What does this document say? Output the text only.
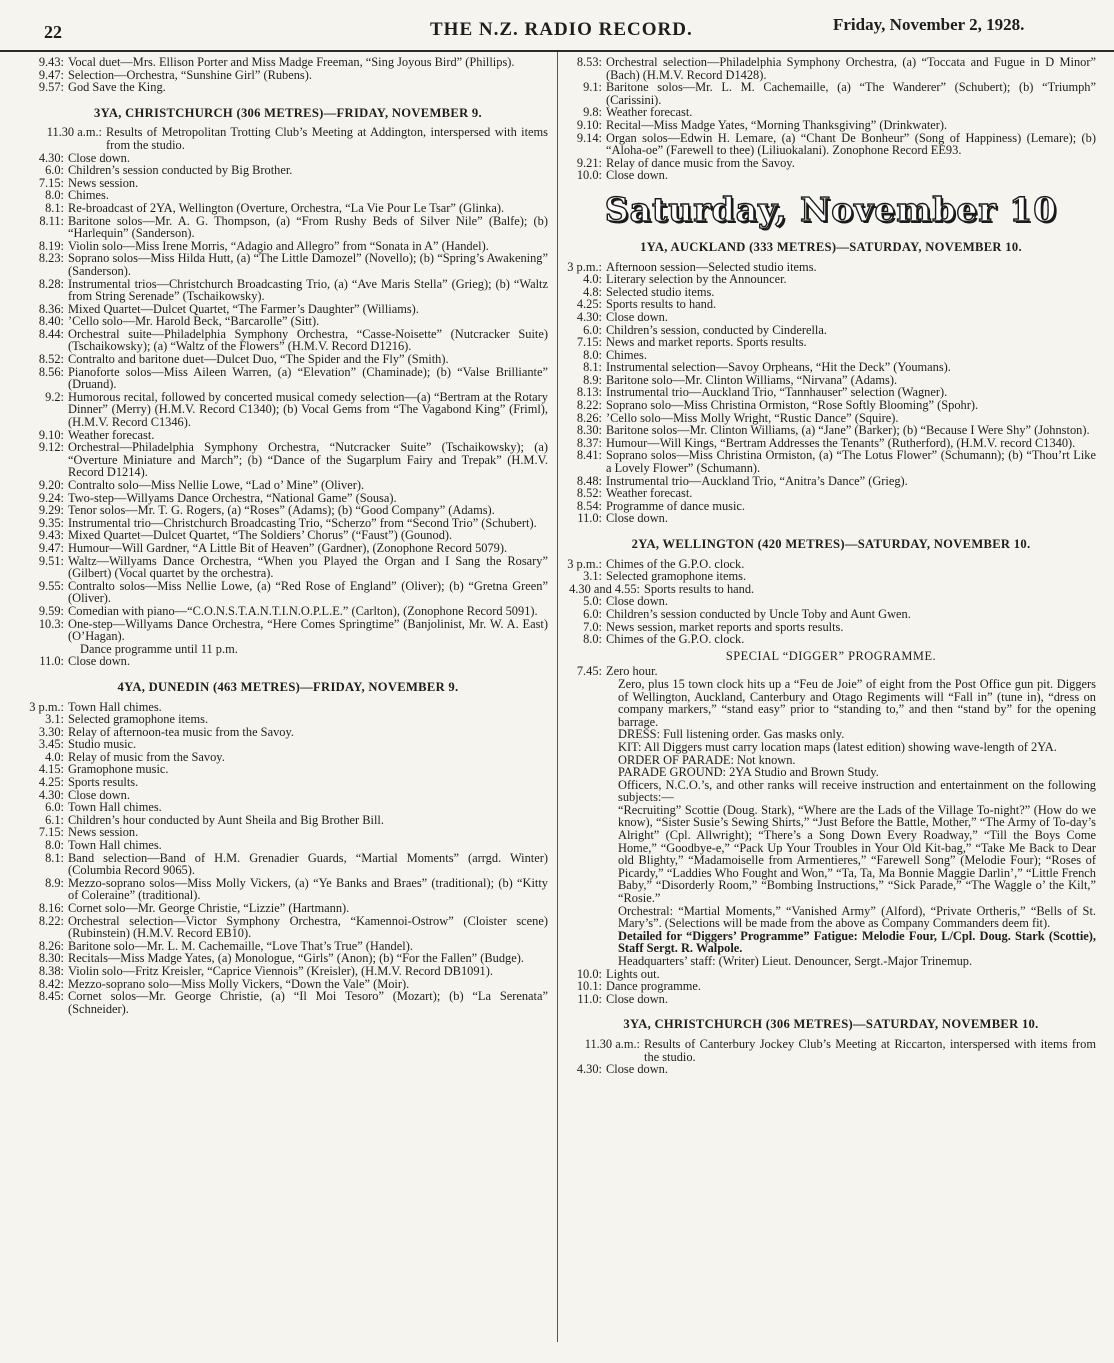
22	THE N.Z. RADIO RECORD.	Friday, November 2, 1928.
9.43: Vocal duet—Mrs. Ellison Porter and Miss Madge Freeman, “Sing Joyous Bird” (Phillips).
9.47: Selection—Orchestra, “Sunshine Girl” (Rubens).
9.57: God Save the King.
3YA, CHRISTCHURCH (306 METRES)—FRIDAY, NOVEMBER 9.
11.30 a.m.: Results of Metropolitan Trotting Club’s Meeting at Addington, interspersed with items from the studio.
4.30: Close down.
6.0: Children’s session conducted by Big Brother.
7.15: News session.
8.0: Chimes.
8.1: Re-broadcast of 2YA, Wellington (Overture, Orchestra, “La Vie Pour Le Tsar” (Glinka).
8.11: Baritone solos—Mr. A. G. Thompson, (a) “From Rushy Beds of Silver Nile” (Balfe); (b) “Harlequin” (Sanderson).
8.19: Violin solo—Miss Irene Morris, “Adagio and Allegro” from “Sonata in A” (Handel).
8.23: Soprano solos—Miss Hilda Hutt, (a) “The Little Damozel” (Novello); (b) “Spring’s Awakening” (Sanderson).
8.28: Instrumental trios—Christchurch Broadcasting Trio, (a) “Ave Maris Stella” (Grieg); (b) “Waltz from String Serenade” (Tschaikowsky).
8.36: Mixed Quartet—Dulcet Quartet, “The Farmer’s Daughter” (Williams).
8.40: ’Cello solo—Mr. Harold Beck, “Barcarolle” (Sitt).
8.44: Orchestral suite—Philadelphia Symphony Orchestra, “Casse-Noisette” (Nutcracker Suite) (Tschaikowsky); (a) “Waltz of the Flowers” (H.M.V. Record D1216).
8.52: Contralto and baritone duet—Dulcet Duo, “The Spider and the Fly” (Smith).
8.56: Pianoforte solos—Miss Aileen Warren, (a) “Elevation” (Chaminade); (b) “Valse Brilliante” (Druand).
9.2: Humorous recital, followed by concerted musical comedy selection—(a) “Bertram at the Rotary Dinner” (Merry) (H.M.V. Record C1340); (b) Vocal Gems from “The Vagabond King” (Friml), (H.M.V. Record C1346).
9.10: Weather forecast.
9.12: Orchestral—Philadelphia Symphony Orchestra, “Nutcracker Suite” (Tschaikowsky); (a) “Overture Miniature and March”; (b) “Dance of the Sugarplum Fairy and Trepak” (H.M.V. Record D1214).
9.20: Contralto solo—Miss Nellie Lowe, “Lad o’ Mine” (Oliver).
9.24: Two-step—Willyams Dance Orchestra, “National Game” (Sousa).
9.29: Tenor solos—Mr. T. G. Rogers, (a) “Roses” (Adams); (b) “Good Company” (Adams).
9.35: Instrumental trio—Christchurch Broadcasting Trio, “Scherzo” from “Second Trio” (Schubert).
9.43: Mixed Quartet—Dulcet Quartet, “The Soldiers’ Chorus” (“Faust”) (Gounod).
9.47: Humour—Will Gardner, “A Little Bit of Heaven” (Gardner), (Zonophone Record 5079).
9.51: Waltz—Willyams Dance Orchestra, “When you Played the Organ and I Sang the Rosary” (Gilbert) (Vocal quartet by the orchestra).
9.55: Contralto solos—Miss Nellie Lowe, (a) “Red Rose of England” (Oliver); (b) “Gretna Green” (Oliver).
9.59: Comedian with piano—“C.O.N.S.T.A.N.T.I.N.O.P.L.E.” (Carlton), (Zonophone Record 5091).
10.3: One-step—Willyams Dance Orchestra, “Here Comes Springtime” (Banjolinist, Mr. W. A. East) (O’Hagan).
Dance programme until 11 p.m.
11.0: Close down.
4YA, DUNEDIN (463 METRES)—FRIDAY, NOVEMBER 9.
3 p.m.: Town Hall chimes.
3.1: Selected gramophone items.
3.30: Relay of afternoon-tea music from the Savoy.
3.45: Studio music.
4.0: Relay of music from the Savoy.
4.15: Gramophone music.
4.25: Sports results.
4.30: Close down.
6.0: Town Hall chimes.
6.1: Children’s hour conducted by Aunt Sheila and Big Brother Bill.
7.15: News session.
8.0: Town Hall chimes.
8.1: Band selection—Band of H.M. Grenadier Guards, “Martial Moments” (arrgd. Winter) (Columbia Record 9065).
8.9: Mezzo-soprano solos—Miss Molly Vickers, (a) “Ye Banks and Braes” (traditional); (b) “Kitty of Coleraine” (traditional).
8.16: Cornet solo—Mr. George Christie, “Lizzie” (Hartmann).
8.22: Orchestral selection—Victor Symphony Orchestra, “Kamennoi-Ostrow” (Cloister scene) (Rubinstein) (H.M.V. Record EB10).
8.26: Baritone solo—Mr. L. M. Cachemaille, “Love That’s True” (Handel).
8.30: Recitals—Miss Madge Yates, (a) Monologue, “Girls” (Anon); (b) “For the Fallen” (Budge).
8.38: Violin solo—Fritz Kreisler, “Caprice Viennois” (Kreisler), (H.M.V. Record DB1091).
8.42: Mezzo-soprano solo—Miss Molly Vickers, “Down the Vale” (Moir).
8.45: Cornet solos—Mr. George Christie, (a) “Il Moi Tesoro” (Mozart); (b) “La Serenata” (Schneider).
8.53: Orchestral selection—Philadelphia Symphony Orchestra, (a) “Toccata and Fugue in D Minor” (Bach) (H.M.V. Record D1428).
9.1: Baritone solos—Mr. L. M. Cachemaille, (a) “The Wanderer” (Schubert); (b) “Triumph” (Carissini).
9.8: Weather forecast.
9.10: Recital—Miss Madge Yates, “Morning Thanksgiving” (Drinkwater).
9.14: Organ solos—Edwin H. Lemare, (a) “Chant De Bonheur” (Song of Happiness) (Lemare); (b) “Aloha-oe” (Farewell to thee) (Liliuokalani). Zonophone Record EE93.
9.21: Relay of dance music from the Savoy.
10.0: Close down.
Saturday, November 10
1YA, AUCKLAND (333 METRES)—SATURDAY, NOVEMBER 10.
3 p.m.: Afternoon session—Selected studio items.
4.0: Literary selection by the Announcer.
4.8: Selected studio items.
4.25: Sports results to hand.
4.30: Close down.
6.0: Children’s session, conducted by Cinderella.
7.15: News and market reports. Sports results.
8.0: Chimes.
8.1: Instrumental selection—Savoy Orpheans, “Hit the Deck” (Youmans).
8.9: Baritone solo—Mr. Clinton Williams, “Nirvana” (Adams).
8.13: Instrumental trio—Auckland Trio, “Tannhauser” selection (Wagner).
8.22: Soprano solo—Miss Christina Ormiston, “Rose Softly Blooming” (Spohr).
8.26: ’Cello solo—Miss Molly Wright, “Rustic Dance” (Squire).
8.30: Baritone solos—Mr. Clinton Williams, (a) “Jane” (Barker); (b) “Because I Were Shy” (Johnston).
8.37: Humour—Will Kings, “Bertram Addresses the Tenants” (Rutherford), (H.M.V. record C1340).
8.41: Soprano solos—Miss Christina Ormiston, (a) “The Lotus Flower” (Schumann); (b) “Thou’rt Like a Lovely Flower” (Schumann).
8.48: Instrumental trio—Auckland Trio, “Anitra’s Dance” (Grieg).
8.52: Weather forecast.
8.54: Programme of dance music.
11.0: Close down.
2YA, WELLINGTON (420 METRES)—SATURDAY, NOVEMBER 10.
3 p.m.: Chimes of the G.P.O. clock.
3.1: Selected gramophone items.
4.30 and 4.55: Sports results to hand.
5.0: Close down.
6.0: Children’s session conducted by Uncle Toby and Aunt Gwen.
7.0: News session, market reports and sports results.
8.0: Chimes of the G.P.O. clock.
SPECIAL “DIGGER” PROGRAMME.
7.45: Zero hour.
Zero, plus 15 town clock hits up a “Feu de Joie” of eight from the Post Office gun pit. Diggers of Wellington, Auckland, Canterbury and Otago Regiments will “Fall in” (tune in), “dress on company markers,” “stand easy” prior to “standing to,” and then “stand by” for the opening barrage.
DRESS: Full listening order. Gas masks only.
KIT: All Diggers must carry location maps (latest edition) showing wave-length of 2YA.
ORDER OF PARADE: Not known.
PARADE GROUND: 2YA Studio and Brown Study.
Officers, N.C.O.’s, and other ranks will receive instruction and entertainment on the following subjects:—
“Recruiting” Scottie (Doug. Stark), “Where are the Lads of the Village To-night?” (How do we know), “Sister Susie’s Sewing Shirts,” “Just Before the Battle, Mother,” “The Army of To-day’s Alright” (Cpl. Allwright); “There’s a Song Down Every Roadway,” “Till the Boys Come Home,” “Goodbye-e,” “Pack Up Your Troubles in Your Old Kit-bag,” “Take Me Back to Dear old Blighty,” “Madamoiselle from Armentieres,” “Farewell Song” (Melodie Four); “Roses of Picardy,” “Laddies Who Fought and Won,” “Ta, Ta, Ma Bonnie Maggie Darlin’,” “Little French Baby,” “Disorderly Room,” “Bombing Instructions,” “Sick Parade,” “The Waggle o’ the Kilt,” “Rosie.”
Orchestral: “Martial Moments,” “Vanished Army” (Alford), “Private Ortheris,” “Bells of St. Mary’s”. (Selections will be made from the above as Company Commanders deem fit).
Detailed for “Diggers’ Programme” Fatigue: Melodie Four, L/Cpl. Doug. Stark (Scottie), Staff Sergt. R. Walpole.
Headquarters’ staff: (Writer) Lieut. Denouncer, Sergt.-Major Trinemup.
10.0: Lights out.
10.1: Dance programme.
11.0: Close down.
3YA, CHRISTCHURCH (306 METRES)—SATURDAY, NOVEMBER 10.
11.30 a.m.: Results of Canterbury Jockey Club’s Meeting at Riccarton, interspersed with items from the studio.
4.30: Close down.
